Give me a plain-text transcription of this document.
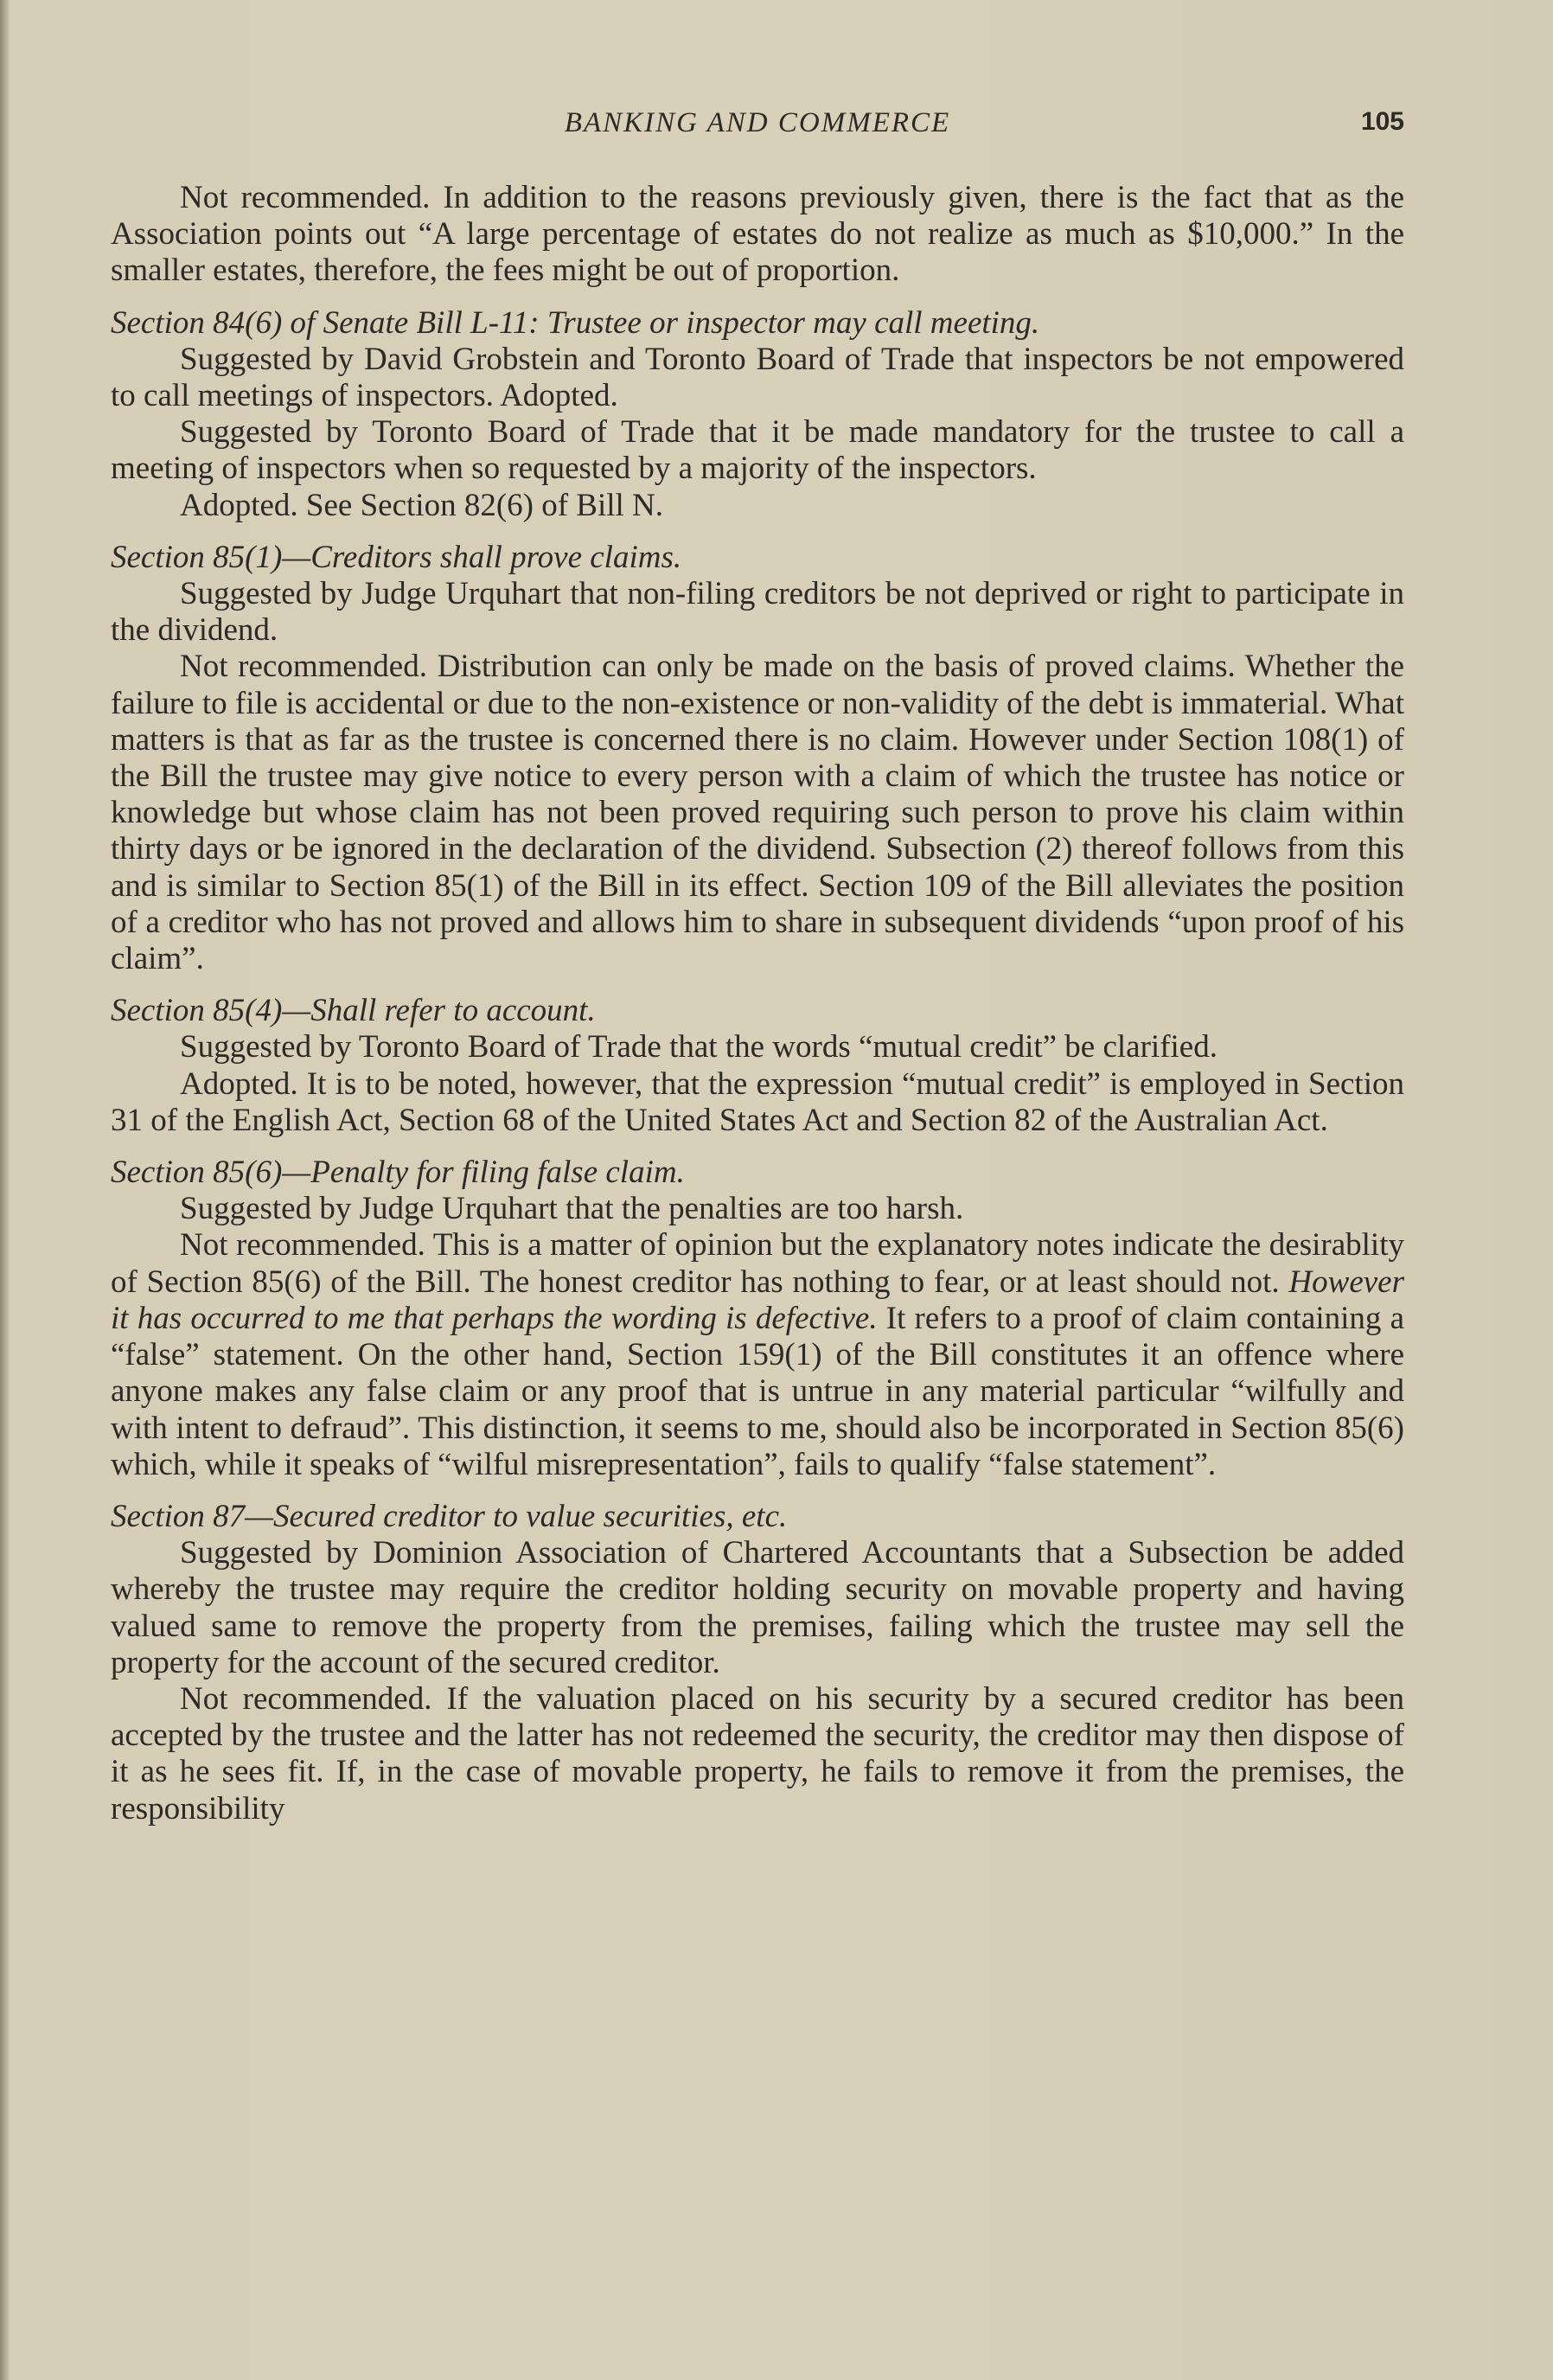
BANKING AND COMMERCE	105

Not recommended. In addition to the reasons previously given, there is the fact that as the Association points out “A large percentage of estates do not realize as much as $10,000.” In the smaller estates, therefore, the fees might be out of proportion.

Section 84(6) of Senate Bill L-11: Trustee or inspector may call meeting.

Suggested by David Grobstein and Toronto Board of Trade that inspectors be not empowered to call meetings of inspectors. Adopted.

Suggested by Toronto Board of Trade that it be made mandatory for the trustee to call a meeting of inspectors when so requested by a majority of the inspectors.

Adopted. See Section 82(6) of Bill N.

Section 85(1)—Creditors shall prove claims.

Suggested by Judge Urquhart that non-filing creditors be not deprived or right to participate in the dividend.

Not recommended. Distribution can only be made on the basis of proved claims. Whether the failure to file is accidental or due to the non-existence or non-validity of the debt is immaterial. What matters is that as far as the trustee is concerned there is no claim. However under Section 108(1) of the Bill the trustee may give notice to every person with a claim of which the trustee has notice or knowledge but whose claim has not been proved requiring such person to prove his claim within thirty days or be ignored in the declaration of the dividend. Subsection (2) thereof follows from this and is similar to Section 85(1) of the Bill in its effect. Section 109 of the Bill alleviates the position of a creditor who has not proved and allows him to share in subsequent dividends “upon proof of his claim”.

Section 85(4)—Shall refer to account.

Suggested by Toronto Board of Trade that the words “mutual credit” be clarified.

Adopted. It is to be noted, however, that the expression “mutual credit” is employed in Section 31 of the English Act, Section 68 of the United States Act and Section 82 of the Australian Act.

Section 85(6)—Penalty for filing false claim.

Suggested by Judge Urquhart that the penalties are too harsh.

Not recommended. This is a matter of opinion but the explanatory notes indicate the desirablity of Section 85(6) of the Bill. The honest creditor has nothing to fear, or at least should not. However it has occurred to me that perhaps the wording is defective. It refers to a proof of claim containing a “false” statement. On the other hand, Section 159(1) of the Bill constitutes it an offence where anyone makes any false claim or any proof that is untrue in any material particular “wilfully and with intent to defraud”. This distinction, it seems to me, should also be incorporated in Section 85(6) which, while it speaks of “wilful misrepresentation”, fails to qualify “false statement”.

Section 87—Secured creditor to value securities, etc.

Suggested by Dominion Association of Chartered Accountants that a Subsection be added whereby the trustee may require the creditor holding security on movable property and having valued same to remove the property from the premises, failing which the trustee may sell the property for the account of the secured creditor.

Not recommended. If the valuation placed on his security by a secured creditor has been accepted by the trustee and the latter has not redeemed the security, the creditor may then dispose of it as he sees fit. If, in the case of movable property, he fails to remove it from the premises, the responsibility
